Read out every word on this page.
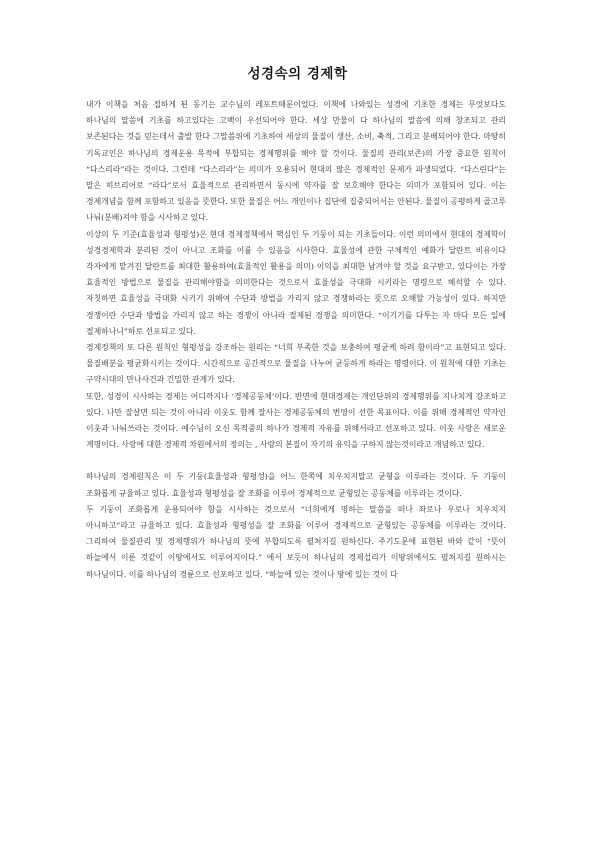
성경속의 경제학

내가 이책을 처음 접하게 된 동기는 교수님의 레포트때문이었다. 이책에 나와있는 성경에 기초한 경제는 무엇보다도 하나님의 말씀에 기초를 하고있다는 고백이 우선되어야 한다. 세상 만물이 다 하나님의 말씀에 의해 창조되고 관리 보존된다는 것을 믿는데서 출발 한다 그말씀위에 기초하여 세상의 물질이 생산, 소비, 축적, 그리고 분배되어야 한다. 마땅히 기독교인은 하나님의 경제운용 목적에 부합되는 경제행위를 해야 할 것이다. 물질의 관리(보존)의 가장 중요한 원칙이 “다스리라”라는 것이다. 그런데 “다스리라”는 의미가 오용되어 현대의 많은 경제적인 문제가 파생되었다. “다스린다”는 말은 히브리어로 “라다”로서 효율적으로 관리하면서 동시에 약자를 잘 보호해야 한다는 의미가 포함되어 있다. 이는 경제개념을 함께 포함하고 있음을 뜻한다. 또한 물질은 어느 개인이나 집단에 집중되어서는 안된다. 물질이 공평하게 골고루 나눠(분배)져야 함을 시사하고 있다.

이상의 두 기준(효율성과 형평성)은 현대 경제정책에서 핵심인 두 기둥이 되는 기초들이다. 이런 의미에서 현대의 경제학이 성경경제학과 분리된 것이 아니고 조화를 이룰 수 있음을 시사한다. 효율성에 관한 구체적인 예화가 달란트 비유이다 각자에게 맡겨진 달란트를 최대한 활용하여(효율적인 활용을 의미) 이익을 최대한 남겨야 할 것을 요구받고, 있다이는 가장 효율적인 방법으로 물질을 관리해야함을 의미한다는 것으로서 효율성을 극대화 시키라는 명령으로 해석할 수 있다. 자칫하면 효율성을 극대화 시키기 위해여 수단과 방법을 가리지 않고 경쟁하라는 뜻으로 오해할 가능성이 있다. 하지만 경쟁이란 수단과 방법을 가리지 않고 하는 경쟁이 아니라 절제된 경쟁을 의미한다. “이기기를 다투는 자 마다 모든 일에 절제하나니”하로 선포되고 있다.

경제정책의 또 다른 원칙인 형평성을 강조하는 원리는 “너희 부족한 것을 보충하여 평균케 하려 함이라”고 표현되고 있다. 물질배분을 평균화시키는 것이다. 시간적으로 공간적으로 물질을 나누어 균등하게 하라는 명령이다. 이 원칙에 대한 기초는 구약시대의 만나사건과 긴밀한 관계가 있다.

또한, 성경이 시사하는 경제는 어디까지나 ‘경제공동체’이다. 반면에 현대경제는 개인단위의 경제행위를 지나치게 강조하고 있다. 나만 잘살면 되는 것이 아니라 이웃도 함께 잘사는 경제공동체의 번영이 선한 목표이다. 이를 위해 경제적인 약자인 이웃과 나눠쓰라는 것이다. 예수님이 오신 목적중의 하나가 경제적 자유를 위해서라고 선포하고 있다. 이웃 사랑은 새로운 계명이다. 사랑에 대한 경제적 차원에서의 정의는 , 사랑의 본질이 자기의 유익을 구하지 않는것이라고 개념하고 있다.

하나님의 경제원칙은 이 두 기둥(효율성과 형평성)을 어느 한쪽에 치우치지말고 균형을 이루라는 것이다. 두 기둥이 조화롭게 규율하고 있다. 효율성과 형평성을 잘 조화를 이루어 경제적으로 균형있는 공동체를 이루라는 것이다.

두 기둥이 조화롭게 운용되어야 함을 시사하는 것으로서 “너희에게 명하는 말씀을 떠나 좌로나 우로나 치우치지 아니하고”라고 규율하고 있다. 효율성과 형평성을 잘 조화를 이루어 경제적으로 균형있는 공동체를 이루라는 것이다. 그리하여 물질관리 및 경제행위가 하나님의 뜻에 부합되도록 펼쳐지길 원하신다. 주기도문에 표현된 바와 같이 “뜻이 하늘에서 이룬 것같이 이땅에서도 이루어지이다.” 에서 보듯이 하나님의 경제섭리가 이땅위에서도 펼쳐지길 원하시는 하나님이다. 이를 하나님의 경륜으로 선포하고 있다. “하늘에 있는 것이나 땅에 있는 것이 다
